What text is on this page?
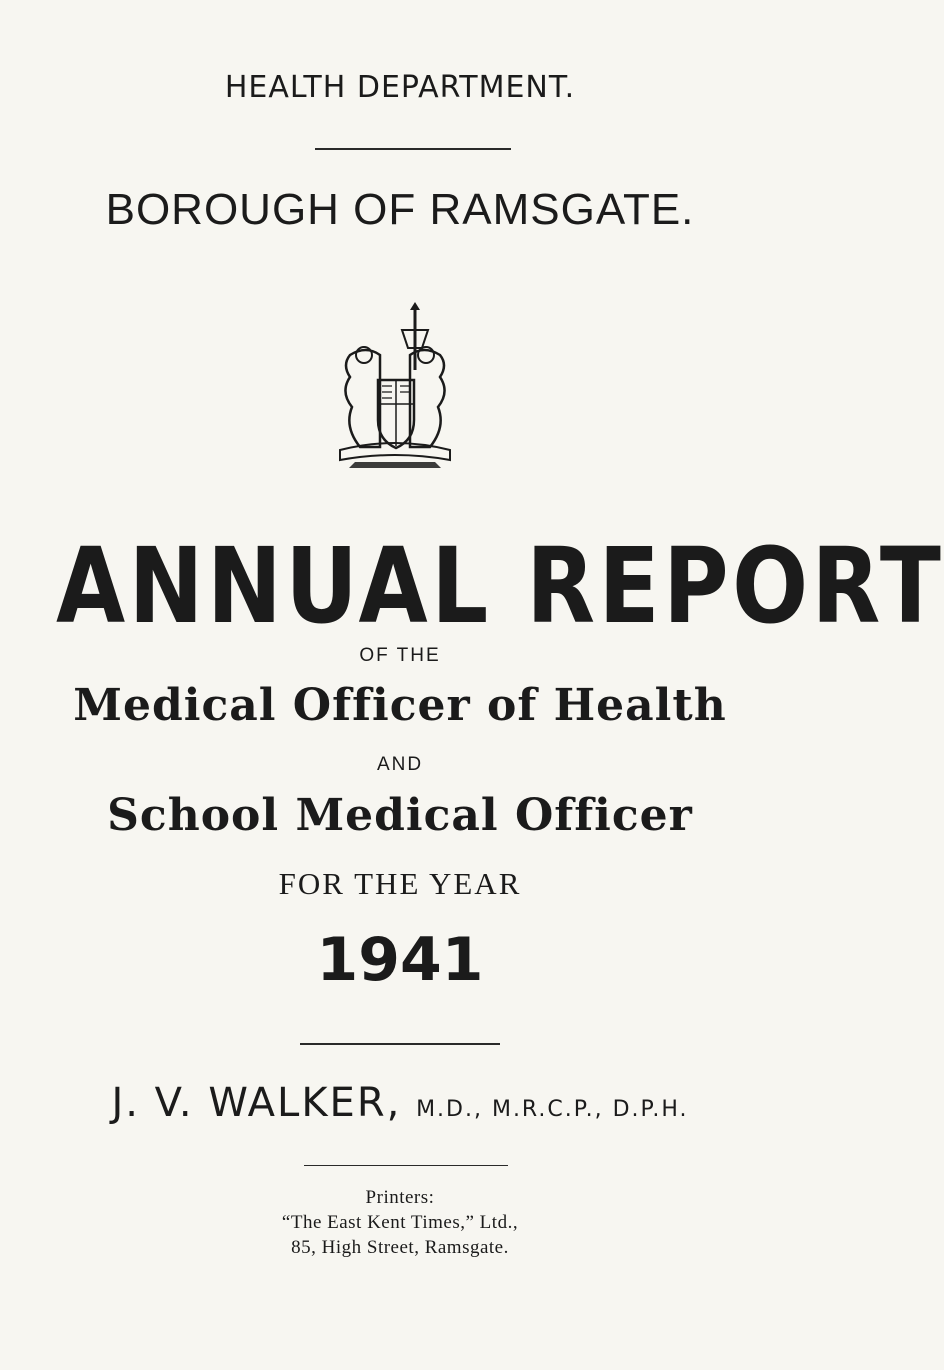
HEALTH DEPARTMENT.
BOROUGH OF RAMSGATE.
ANNUAL REPORT
OF THE
Medical Officer of Health
AND
School Medical Officer
FOR THE YEAR
1941
J. V. WALKER, M.D., M.R.C.P., D.P.H.
Printers:
“The East Kent Times,” Ltd.,
85, High Street, Ramsgate.
